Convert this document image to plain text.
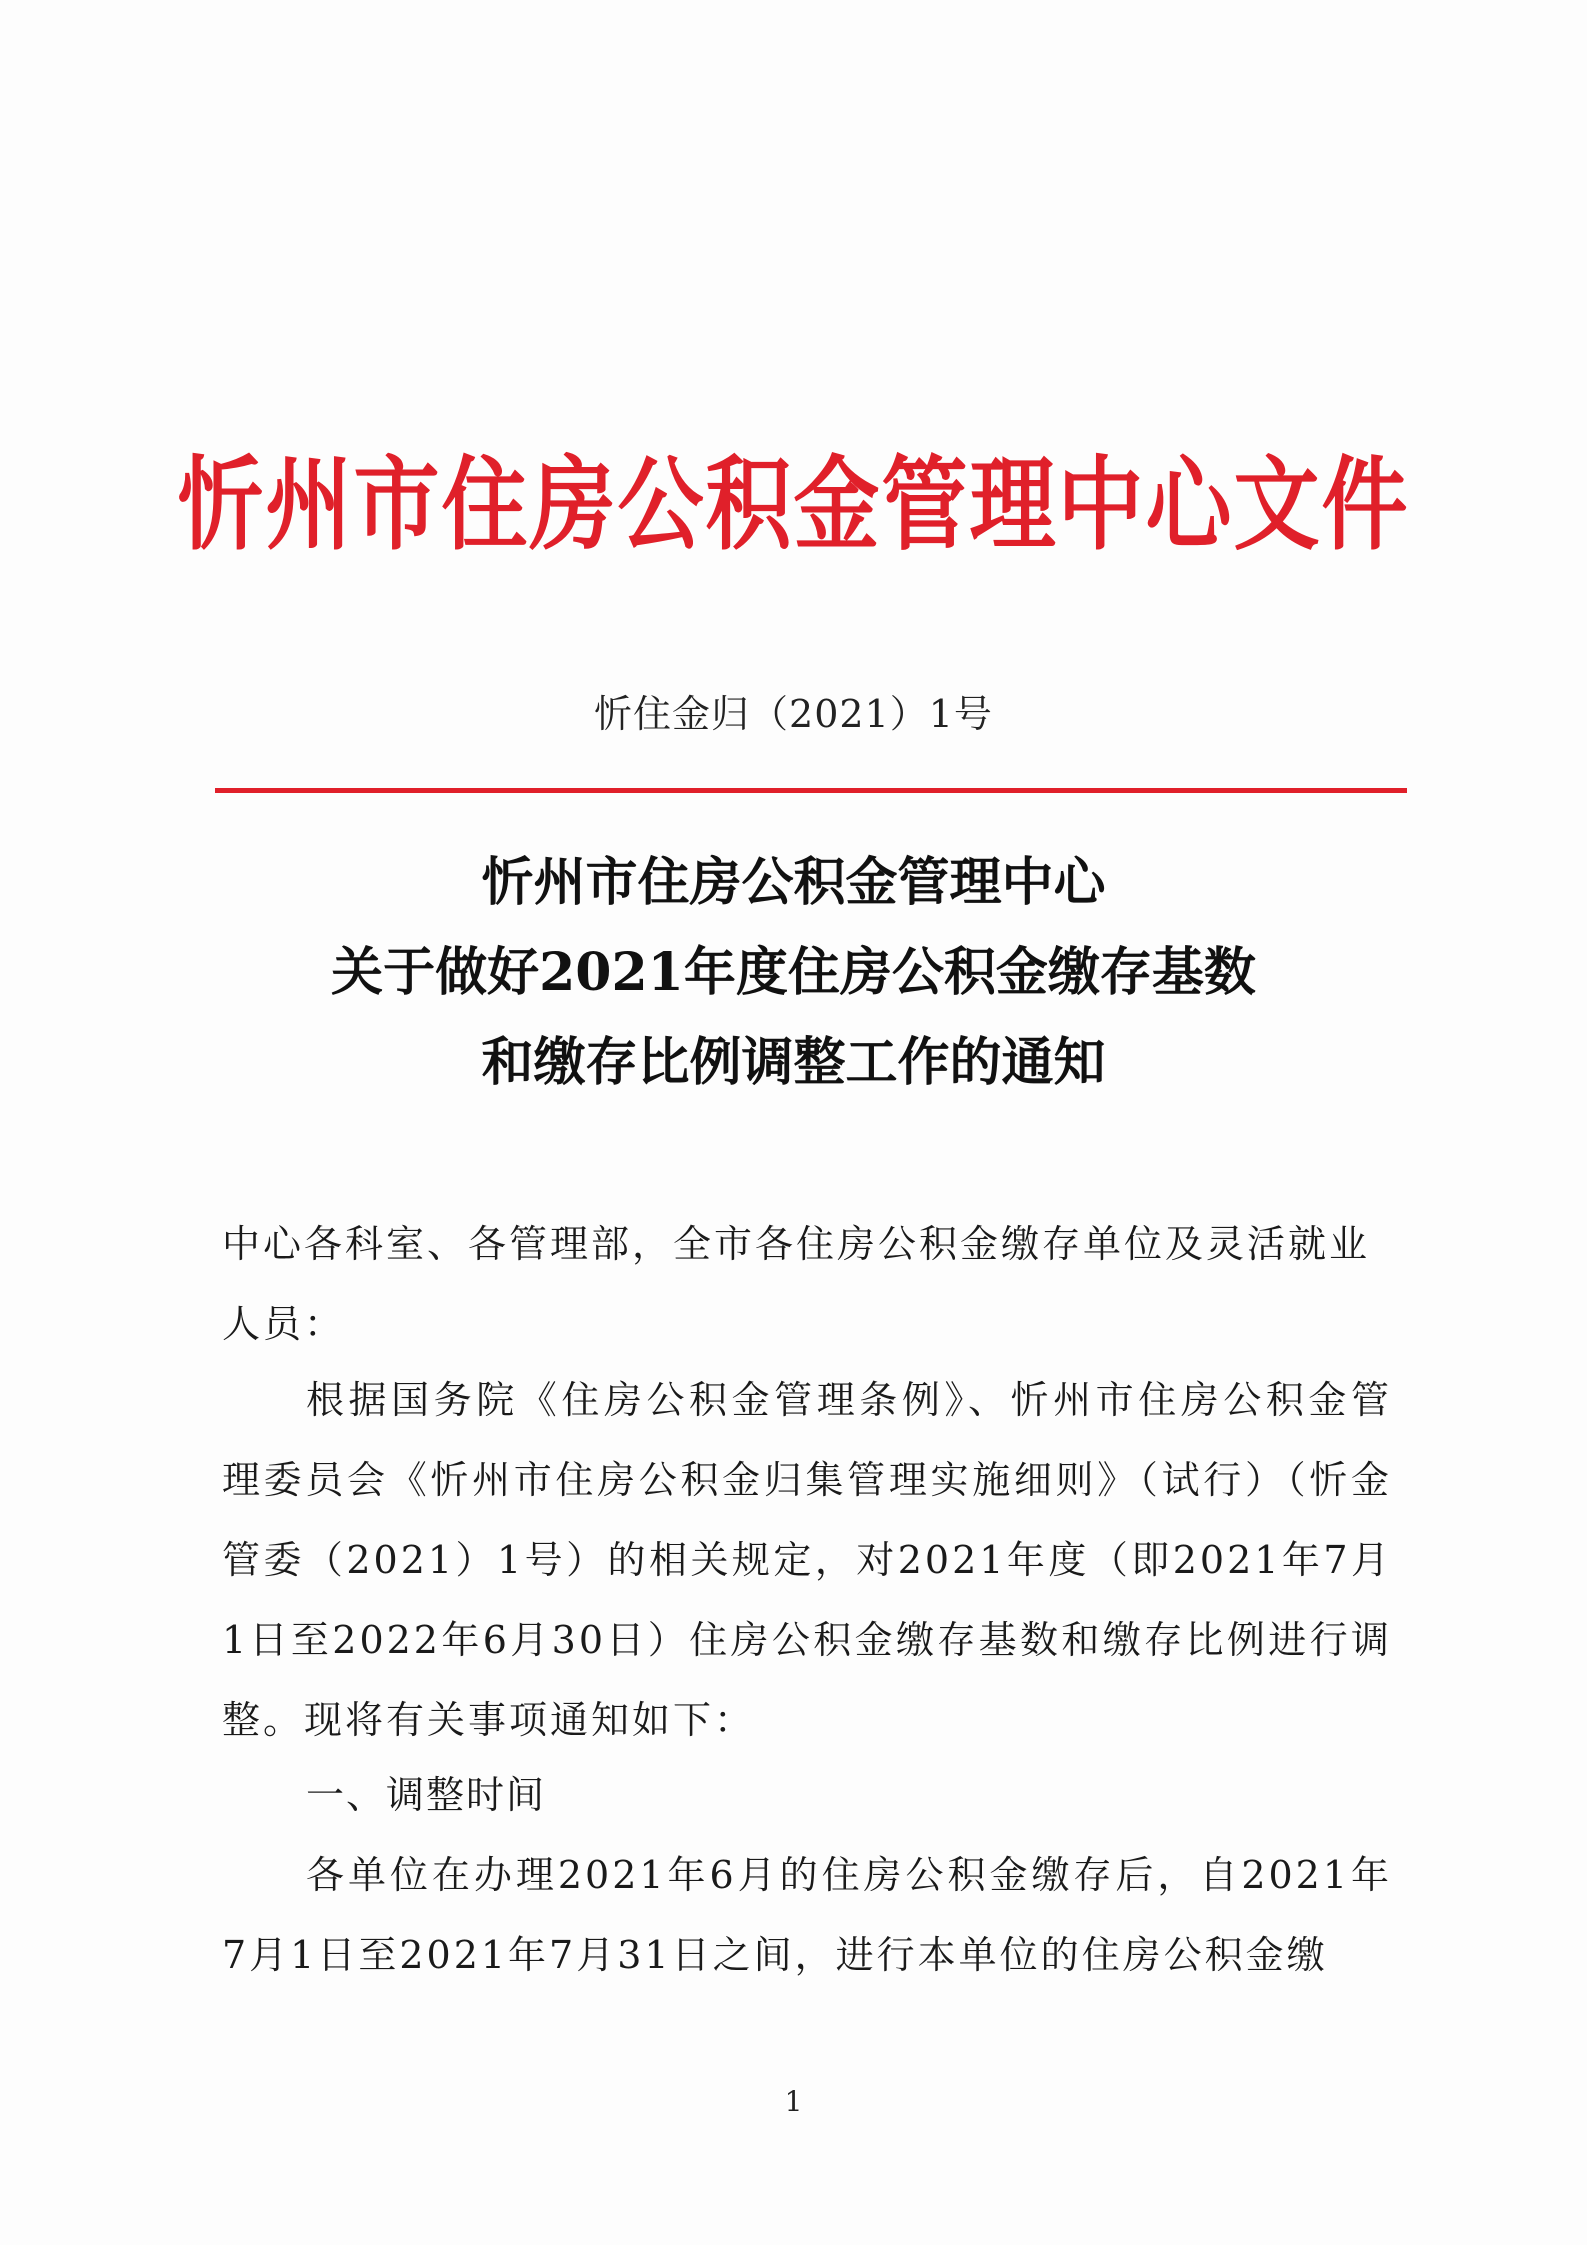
忻州市住房公积金管理中心文件
忻住金归（2021）1号
忻州市住房公积金管理中心
关于做好2021年度住房公积金缴存基数
和缴存比例调整工作的通知
中心各科室、各管理部，全市各住房公积金缴存单位及灵活就业人员：
根据国务院《住房公积金管理条例》、忻州市住房公积金管理委员会《忻州市住房公积金归集管理实施细则》（试行）（忻金管委（2021）1号）的相关规定，对2021年度（即2021年7月1日至2022年6月30日）住房公积金缴存基数和缴存比例进行调整。现将有关事项通知如下：
一、调整时间
各单位在办理2021年6月的住房公积金缴存后，自2021年7月1日至2021年7月31日之间，进行本单位的住房公积金缴
1
